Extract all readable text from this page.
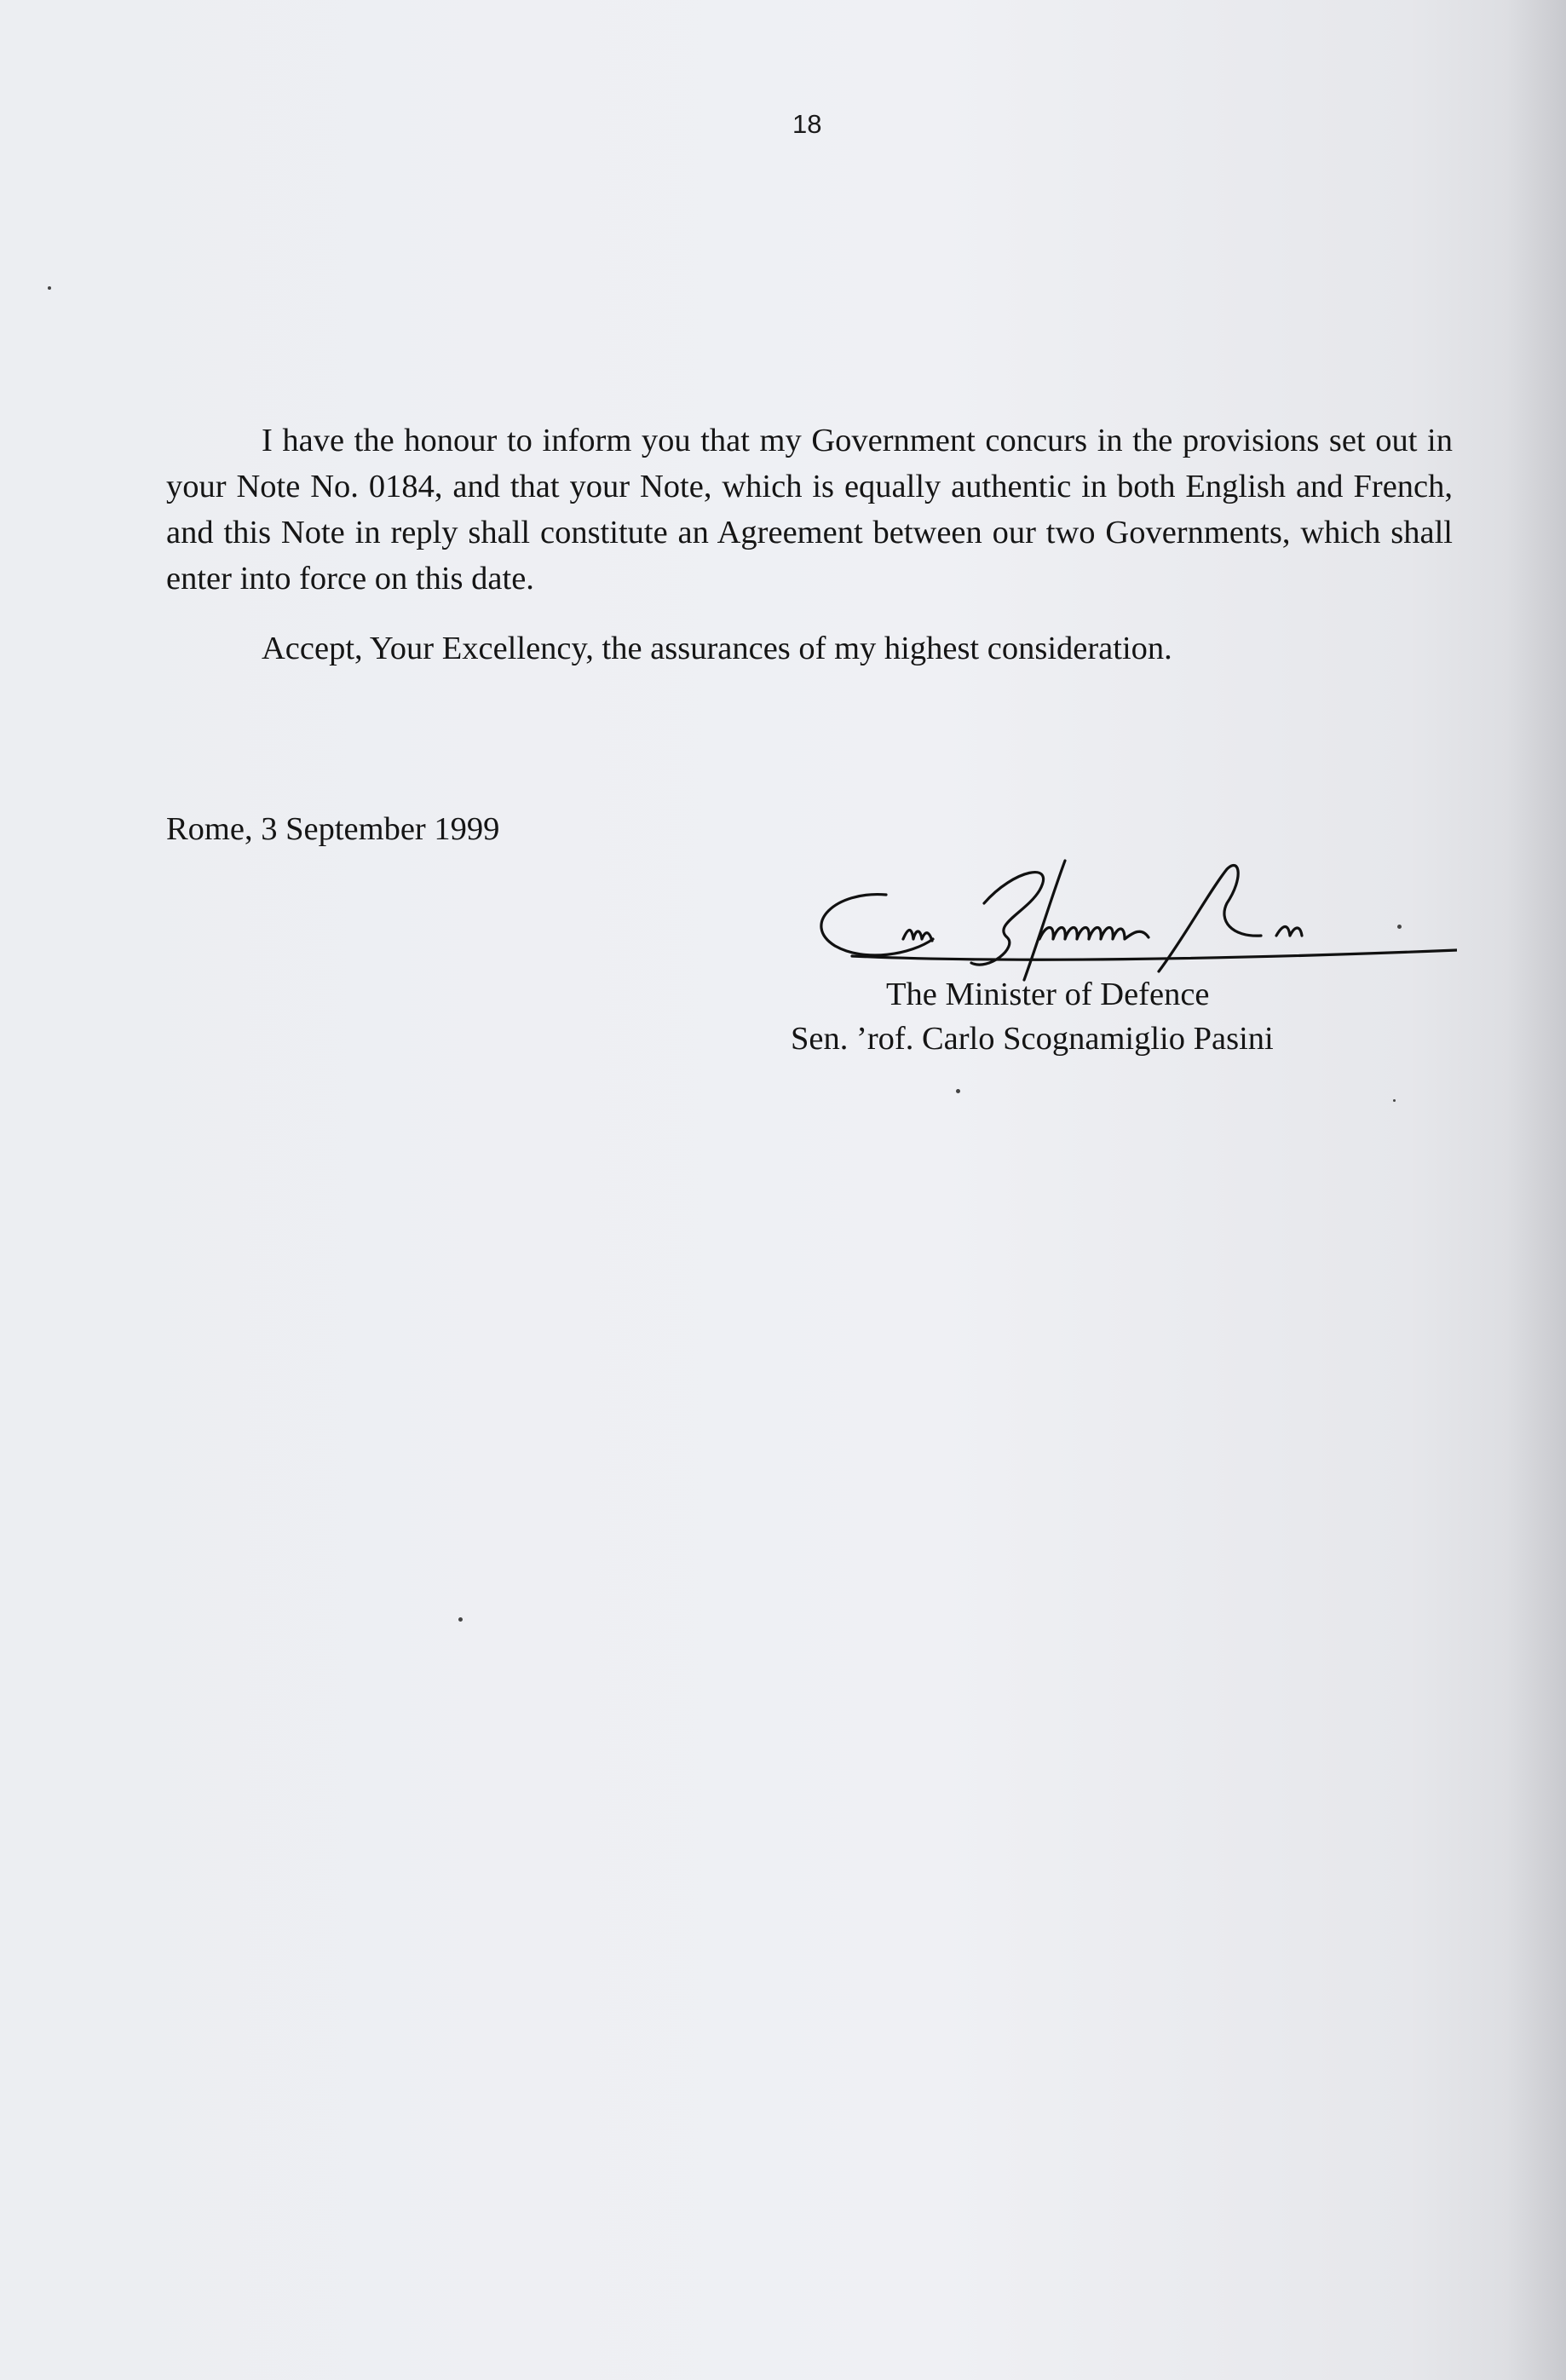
18

I have the honour to inform you that my Government concurs in the provisions set out in your Note No. 0184, and that your Note, which is equally authentic in both English and French, and this Note in reply shall constitute an Agreement between our two Governments, which shall enter into force on this date.

Accept, Your Excellency, the assurances of my highest consideration.

Rome, 3 September 1999
The Minister of Defence
Sen. ’rof. Carlo Scognamiglio Pasini
